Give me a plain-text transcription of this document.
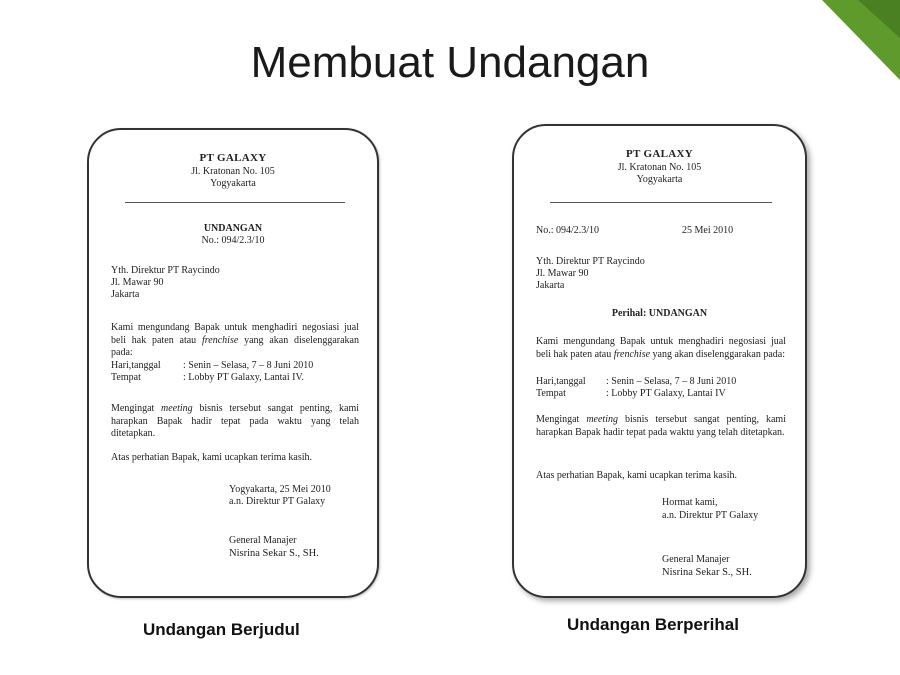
Membuat Undangan
PT GALAXY
Jl. Kratonan No. 105
Yogyakarta
UNDANGAN
No.: 094/2.3/10
Yth. Direktur PT Raycindo
Jl. Mawar 90
Jakarta
Kami mengundang Bapak untuk menghadiri negosiasi jual beli hak paten atau frenchise yang akan diselenggarakan pada:
Hari,tanggal : Senin – Selasa, 7 – 8 Juni 2010
Tempat	: Lobby PT Galaxy, Lantai IV.
Mengingat meeting bisnis tersebut sangat penting, kami harapkan Bapak hadir tepat pada waktu yang telah ditetapkan.
Atas perhatian Bapak, kami ucapkan terima kasih.
Yogyakarta, 25 Mei 2010
a.n. Direktur PT Galaxy
General Manajer
Nisrina Sekar S., SH.
PT GALAXY
Jl. Kratonan No. 105
Yogyakarta
No.: 094/2.3/10	25 Mei 2010
Yth. Direktur PT Raycindo
Jl. Mawar 90
Jakarta
Perihal: UNDANGAN
Kami mengundang Bapak untuk menghadiri negosiasi jual beli hak paten atau frenchise yang akan diselenggarakan pada:
Hari,tanggal : Senin – Selasa, 7 – 8 Juni 2010
Tempat	: Lobby PT Galaxy, Lantai IV
Mengingat meeting bisnis tersebut sangat penting, kami harapkan Bapak hadir tepat pada waktu yang telah ditetapkan.
Atas perhatian Bapak, kami ucapkan terima kasih.
Hormat kami,
a.n. Direktur PT Galaxy
General Manajer
Nisrina Sekar S., SH.
Undangan Berjudul	Undangan Berperihal
